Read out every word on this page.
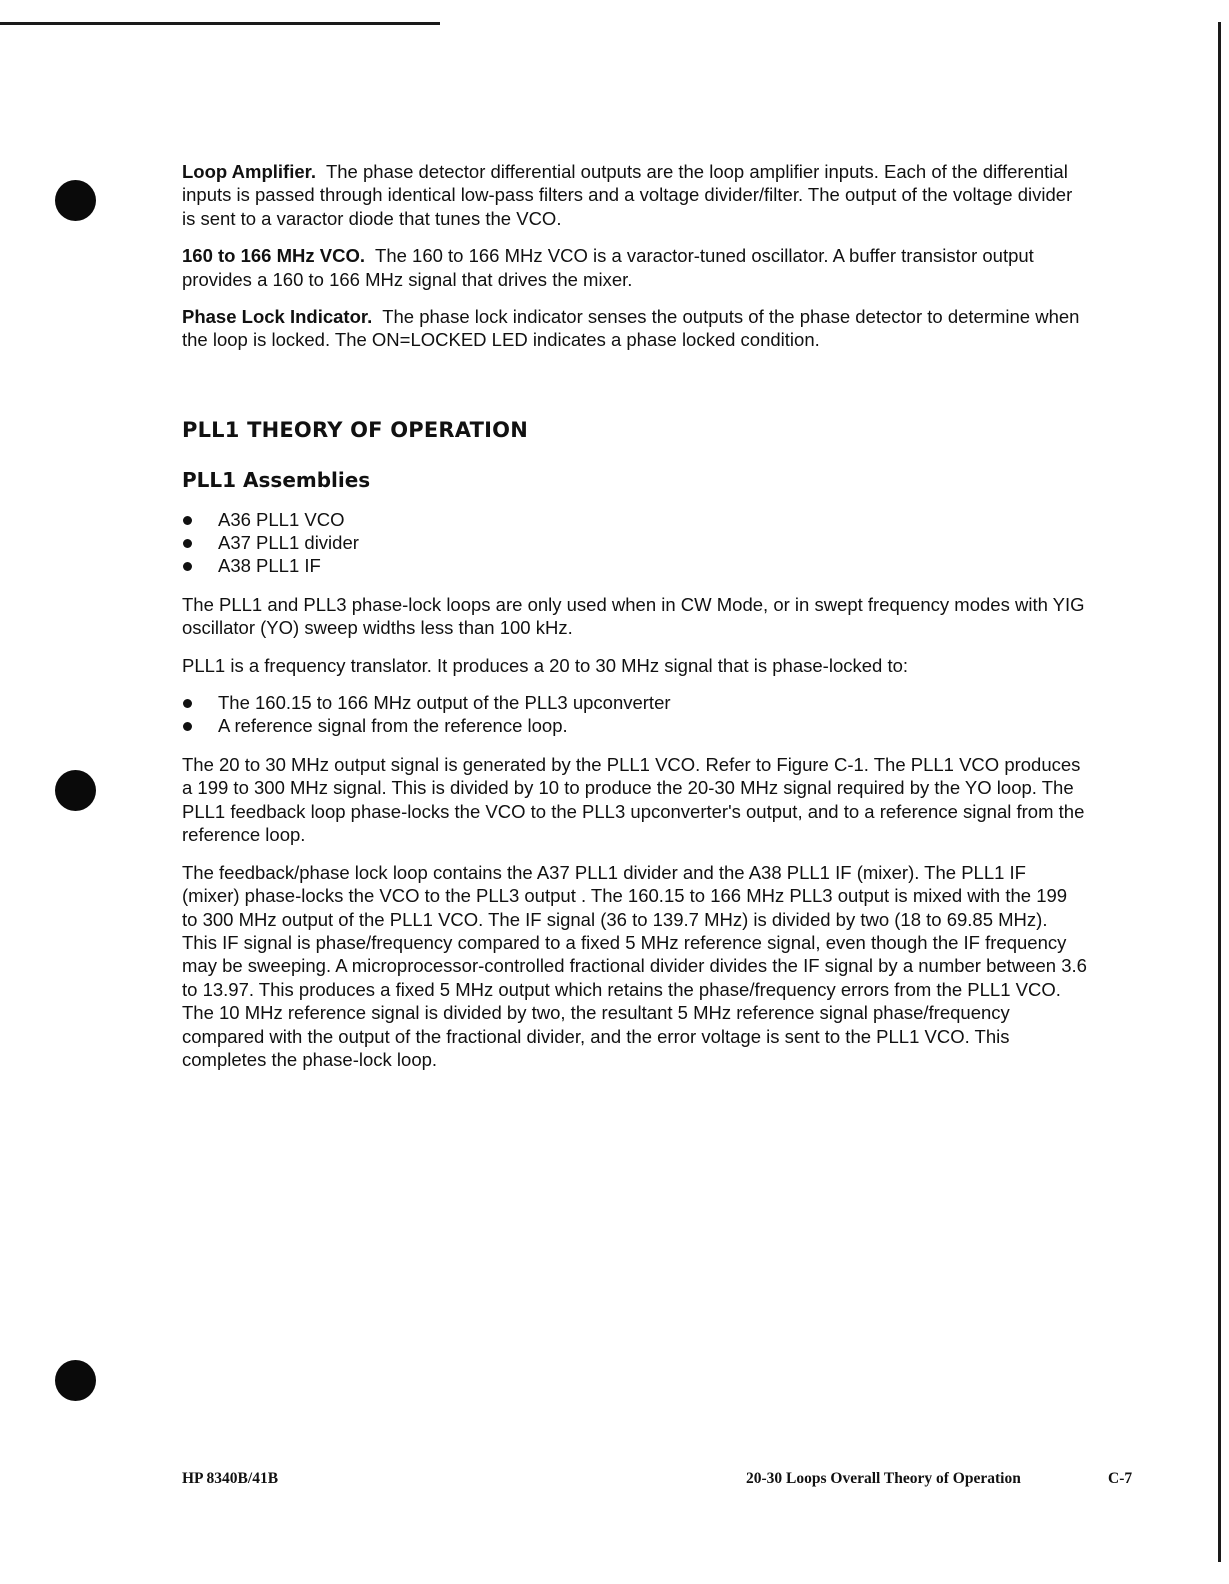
Loop Amplifier. The phase detector differential outputs are the loop amplifier inputs. Each of the differential inputs is passed through identical low-pass filters and a voltage divider/filter. The output of the voltage divider is sent to a varactor diode that tunes the VCO.

160 to 166 MHz VCO. The 160 to 166 MHz VCO is a varactor-tuned oscillator. A buffer transistor output provides a 160 to 166 MHz signal that drives the mixer.

Phase Lock Indicator. The phase lock indicator senses the outputs of the phase detector to determine when the loop is locked. The ON=LOCKED LED indicates a phase locked condition.

PLL1 THEORY OF OPERATION
PLL1 Assemblies
A36 PLL1 VCO
A37 PLL1 divider
A38 PLL1 IF

The PLL1 and PLL3 phase-lock loops are only used when in CW Mode, or in swept frequency modes with YIG oscillator (YO) sweep widths less than 100 kHz.

PLL1 is a frequency translator. It produces a 20 to 30 MHz signal that is phase-locked to:

The 160.15 to 166 MHz output of the PLL3 upconverter
A reference signal from the reference loop.

The 20 to 30 MHz output signal is generated by the PLL1 VCO. Refer to Figure C-1. The PLL1 VCO produces a 199 to 300 MHz signal. This is divided by 10 to produce the 20-30 MHz signal required by the YO loop. The PLL1 feedback loop phase-locks the VCO to the PLL3 upconverter's output, and to a reference signal from the reference loop.

The feedback/phase lock loop contains the A37 PLL1 divider and the A38 PLL1 IF (mixer). The PLL1 IF (mixer) phase-locks the VCO to the PLL3 output . The 160.15 to 166 MHz PLL3 output is mixed with the 199 to 300 MHz output of the PLL1 VCO. The IF signal (36 to 139.7 MHz) is divided by two (18 to 69.85 MHz). This IF signal is phase/frequency compared to a fixed 5 MHz reference signal, even though the IF frequency may be sweeping. A microprocessor-controlled fractional divider divides the IF signal by a number between 3.6 to 13.97. This produces a fixed 5 MHz output which retains the phase/frequency errors from the PLL1 VCO. The 10 MHz reference signal is divided by two, the resultant 5 MHz reference signal phase/frequency compared with the output of the fractional divider, and the error voltage is sent to the PLL1 VCO. This completes the phase-lock loop.

HP 8340B/41B	20-30 Loops Overall Theory of Operation	C-7
